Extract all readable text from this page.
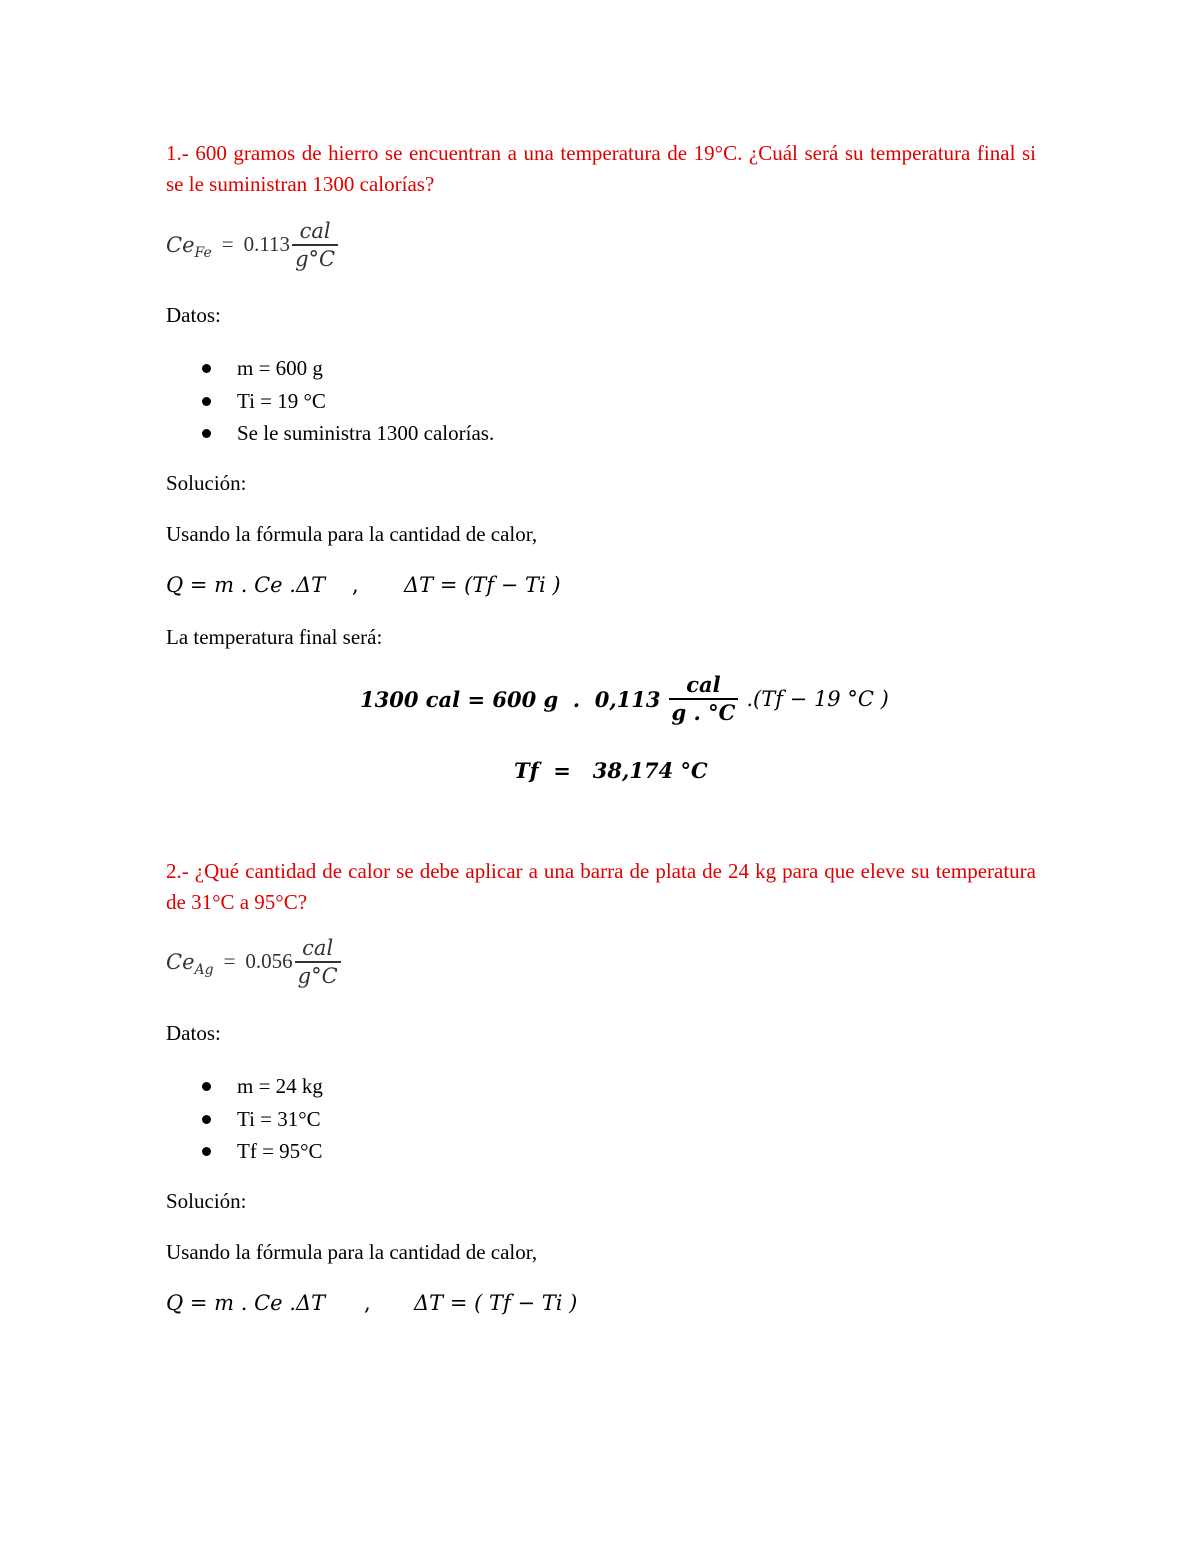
1.- 600 gramos de hierro se encuentran a una temperatura de 19°C. ¿Cuál será su temperatura final si se le suministran 1300 calorías?
Ce $Fe = 0.113 \frac{\text{cal}}{g^\circ C}$
Datos:
m = 600 g
Ti = 19 °C
Se le suministra 1300 calorías.
Solución:
Usando la fórmula para la cantidad de calor,
Q = m . Ce .ΔT , ΔT = (Tf − Ti )
La temperatura final será:
1300 cal = 600 g  .  $0,113 \frac{\text{cal}}{g . ^\circ C} .(Tf - 19$ °C )
Tf  =   38,174 °C
2.- ¿Qué cantidad de calor se debe aplicar a una barra de plata de 24 kg para que eleve su temperatura de 31°C a 95°C?
Ce $Ag = 0.056 \frac{\text{cal}}{g^\circ C}$
Datos:
m = 24 kg
Ti = 31°C
Tf = 95°C
Solución:
Usando la fórmula para la cantidad de calor,
Q = m . Ce .ΔT , ΔT = ( Tf − Ti )
